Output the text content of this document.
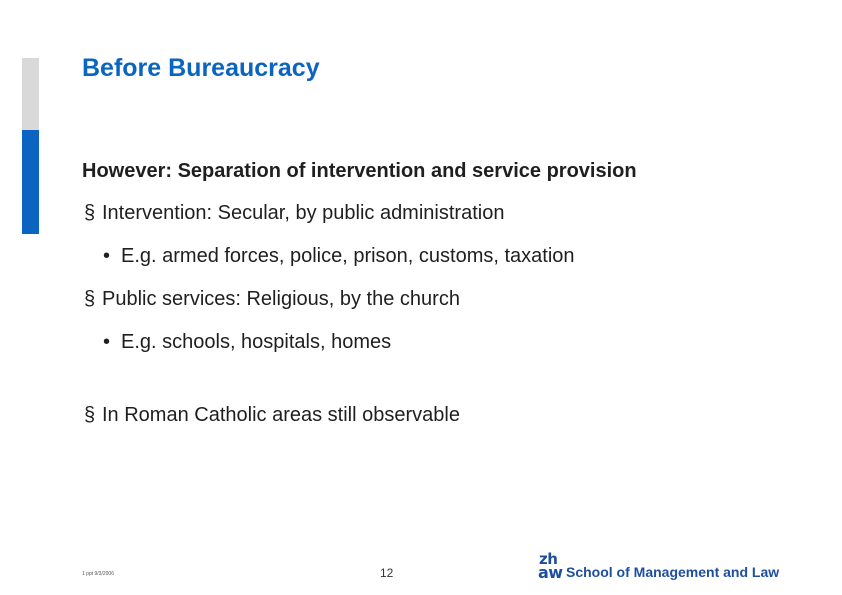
Before Bureaucracy
However: Separation of intervention and service provision
§ Intervention: Secular, by public administration
• E.g. armed forces, police, prison, customs, taxation
§ Public services: Religious, by the church
• E.g. schools, hospitals, homes
§ In Roman Catholic areas still observable
1 ppt 9/3/2006	12
zh
aw School of Management and Law
